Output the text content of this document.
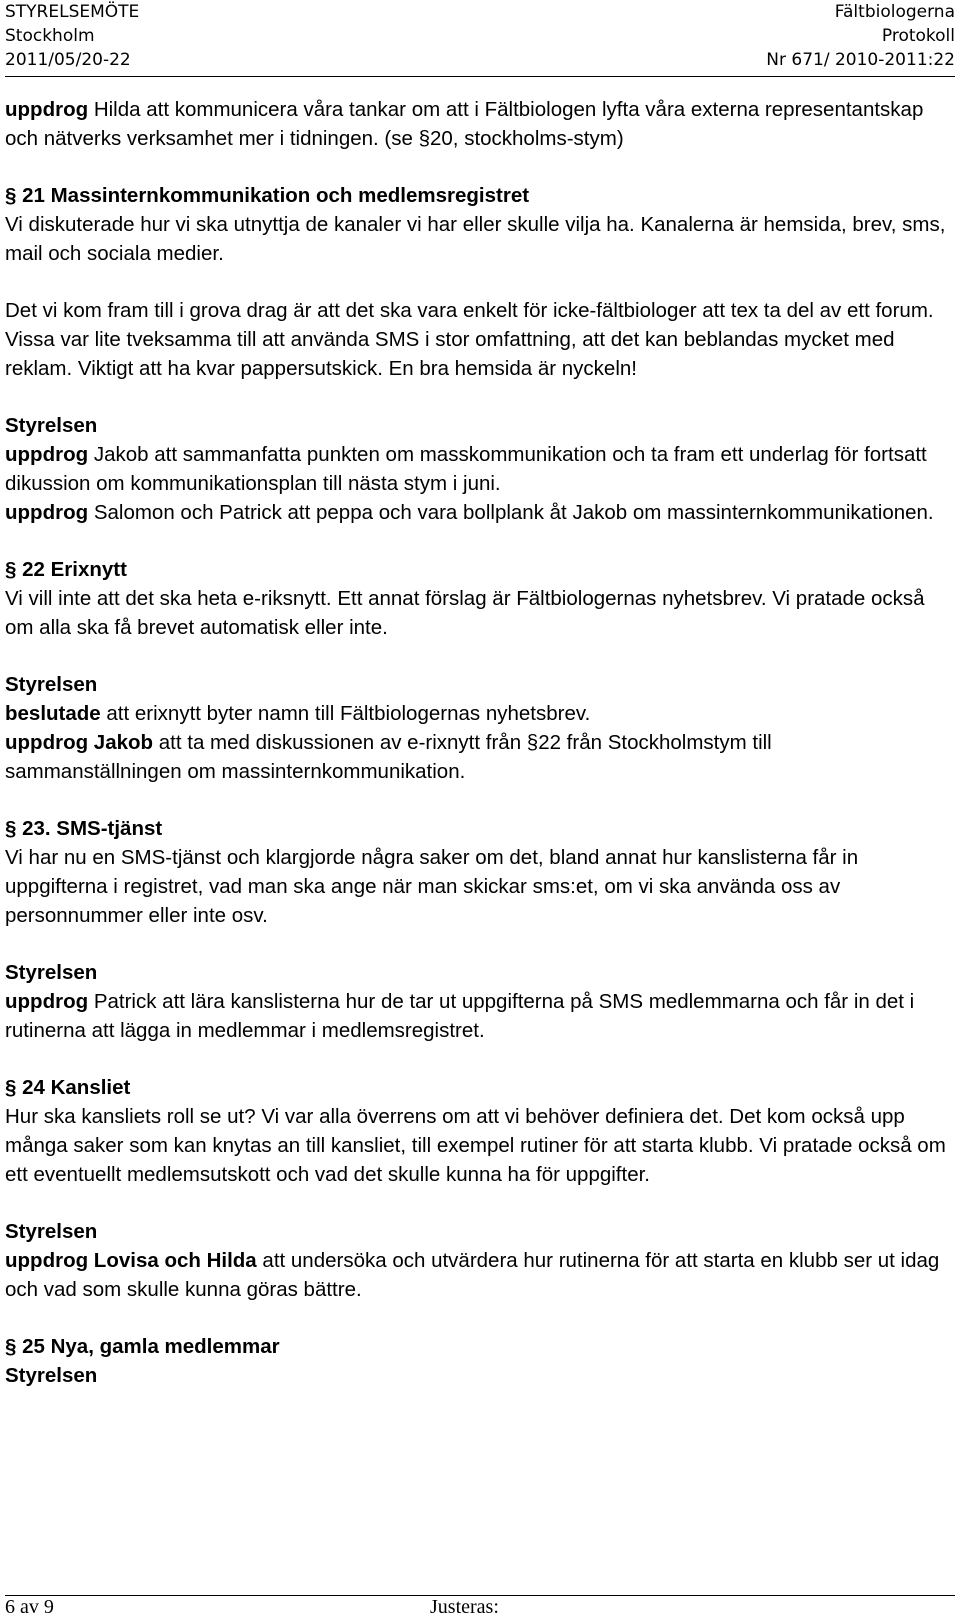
STYRELSEMÖTE
Stockholm
2011/05/20-22
Fältbiologerna
Protokoll
Nr 671/ 2010-2011:22

uppdrog Hilda att kommunicera våra tankar om att i Fältbiologen lyfta våra externa representantskap och nätverks verksamhet mer i tidningen. (se §20, stockholms-stym)

§ 21 Massinternkommunikation och medlemsregistret

Vi diskuterade hur vi ska utnyttja de kanaler vi har eller skulle vilja ha. Kanalerna är hemsida, brev, sms, mail och sociala medier.

Det vi kom fram till i grova drag är att det ska vara enkelt för icke-fältbiologer att tex ta del av ett forum. Vissa var lite tveksamma till att använda SMS i stor omfattning, att det kan beblandas mycket med reklam. Viktigt att ha kvar pappersutskick. En bra hemsida är nyckeln!

Styrelsen

uppdrog Jakob att sammanfatta punkten om masskommunikation och ta fram ett underlag för fortsatt dikussion om kommunikationsplan till nästa stym i juni.

uppdrog Salomon och Patrick att peppa och vara bollplank åt Jakob om massinternkommunikationen.

§ 22 Erixnytt

Vi vill inte att det ska heta e-riksnytt. Ett annat förslag är Fältbiologernas nyhetsbrev. Vi pratade också om alla ska få brevet automatisk eller inte.

Styrelsen

beslutade att erixnytt byter namn till Fältbiologernas nyhetsbrev.

uppdrog Jakob att ta med diskussionen av e-rixnytt från §22 från Stockholmstym till sammanställningen om massinternkommunikation.

§ 23. SMS-tjänst

Vi har nu en SMS-tjänst och klargjorde några saker om det, bland annat hur kanslisterna får in uppgifterna i registret, vad man ska ange när man skickar sms:et, om vi ska använda oss av personnummer eller inte osv.

Styrelsen

uppdrog Patrick att lära kanslisterna hur de tar ut uppgifterna på SMS medlemmarna och får in det i rutinerna att lägga in medlemmar i medlemsregistret.

§ 24 Kansliet

Hur ska kansliets roll se ut? Vi var alla överrens om att vi behöver definiera det. Det kom också upp många saker som kan knytas an till kansliet, till exempel rutiner för att starta klubb. Vi pratade också om ett eventuellt medlemsutskott och vad det skulle kunna ha för uppgifter.

Styrelsen

uppdrog Lovisa och Hilda att undersöka och utvärdera hur rutinerna för att starta en klubb ser ut idag och vad som skulle kunna göras bättre.

§ 25 Nya, gamla medlemmar

Styrelsen

6 av 9	Justeras:
